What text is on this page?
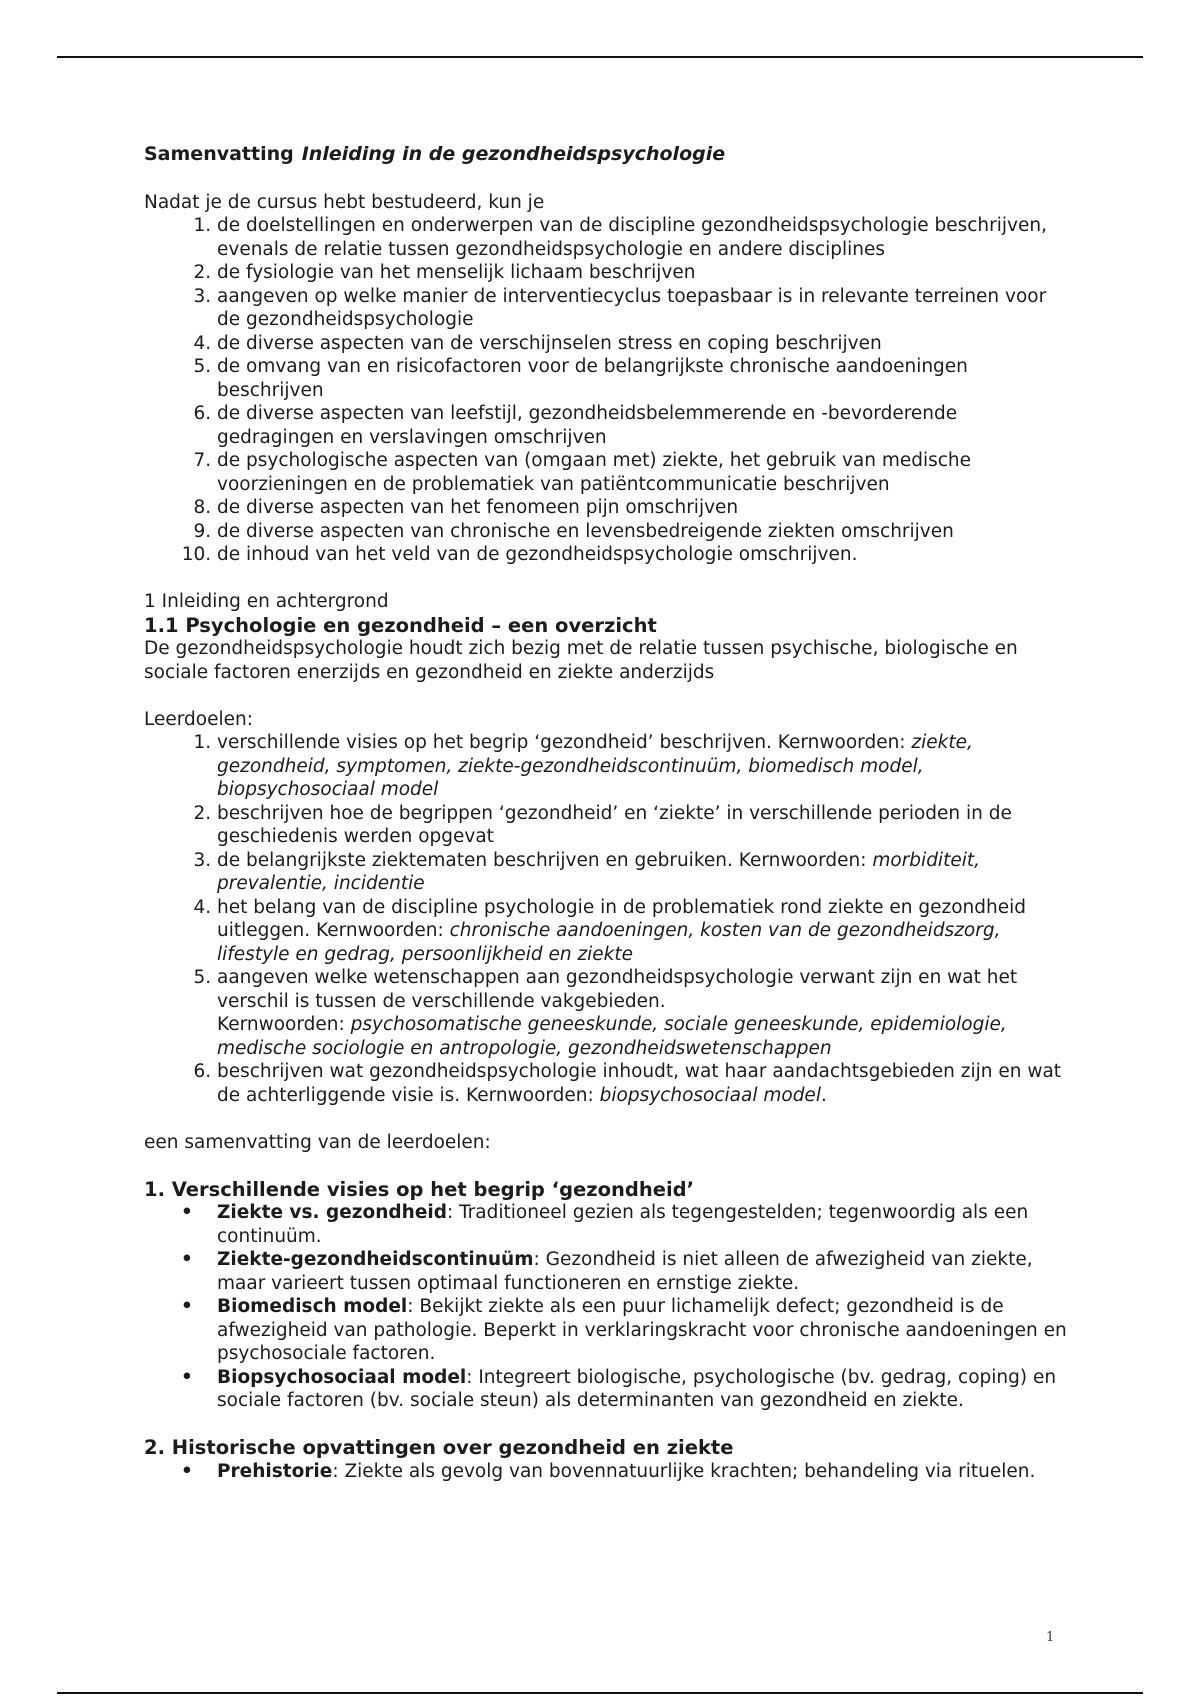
Samenvatting Inleiding in de gezondheidspsychologie

Nadat je de cursus hebt bestudeerd, kun je

1. de doelstellingen en onderwerpen van de discipline gezondheidspsychologie beschrijven, evenals de relatie tussen gezondheidspsychologie en andere disciplines
2. de fysiologie van het menselijk lichaam beschrijven
3. aangeven op welke manier de interventiecyclus toepasbaar is in relevante terreinen voor de gezondheidspsychologie
4. de diverse aspecten van de verschijnselen stress en coping beschrijven
5. de omvang van en risicofactoren voor de belangrijkste chronische aandoeningen beschrijven
6. de diverse aspecten van leefstijl, gezondheidsbelemmerende en -bevorderende gedragingen en verslavingen omschrijven
7. de psychologische aspecten van (omgaan met) ziekte, het gebruik van medische voorzieningen en de problematiek van patiëntcommunicatie beschrijven
8. de diverse aspecten van het fenomeen pijn omschrijven
9. de diverse aspecten van chronische en levensbedreigende ziekten omschrijven
10. de inhoud van het veld van de gezondheidspsychologie omschrijven.

1 Inleiding en achtergrond

1.1 Psychologie en gezondheid – een overzicht

De gezondheidspsychologie houdt zich bezig met de relatie tussen psychische, biologische en sociale factoren enerzijds en gezondheid en ziekte anderzijds

Leerdoelen:

1. verschillende visies op het begrip ‘gezondheid’ beschrijven. Kernwoorden: ziekte, gezondheid, symptomen, ziekte-gezondheidscontinuüm, biomedisch model, biopsychosociaal model
2. beschrijven hoe de begrippen ‘gezondheid’ en ‘ziekte’ in verschillende perioden in de geschiedenis werden opgevat
3. de belangrijkste ziektematen beschrijven en gebruiken. Kernwoorden: morbiditeit, prevalentie, incidentie
4. het belang van de discipline psychologie in de problematiek rond ziekte en gezondheid uitleggen. Kernwoorden: chronische aandoeningen, kosten van de gezondheidszorg, lifestyle en gedrag, persoonlijkheid en ziekte
5. aangeven welke wetenschappen aan gezondheidspsychologie verwant zijn en wat het verschil is tussen de verschillende vakgebieden.
Kernwoorden: psychosomatische geneeskunde, sociale geneeskunde, epidemiologie, medische sociologie en antropologie, gezondheidswetenschappen
6. beschrijven wat gezondheidspsychologie inhoudt, wat haar aandachtsgebieden zijn en wat de achterliggende visie is. Kernwoorden: biopsychosociaal model.

een samenvatting van de leerdoelen:

1. Verschillende visies op het begrip ‘gezondheid’

• Ziekte vs. gezondheid: Traditioneel gezien als tegengestelden; tegenwoordig als een continuüm.
• Ziekte-gezondheidscontinuüm: Gezondheid is niet alleen de afwezigheid van ziekte, maar varieert tussen optimaal functioneren en ernstige ziekte.
• Biomedisch model: Bekijkt ziekte als een puur lichamelijk defect; gezondheid is de afwezigheid van pathologie. Beperkt in verklaringskracht voor chronische aandoeningen en psychosociale factoren.
• Biopsychosociaal model: Integreert biologische, psychologische (bv. gedrag, coping) en sociale factoren (bv. sociale steun) als determinanten van gezondheid en ziekte.

2. Historische opvattingen over gezondheid en ziekte

• Prehistorie: Ziekte als gevolg van bovennatuurlijke krachten; behandeling via rituelen.
1
